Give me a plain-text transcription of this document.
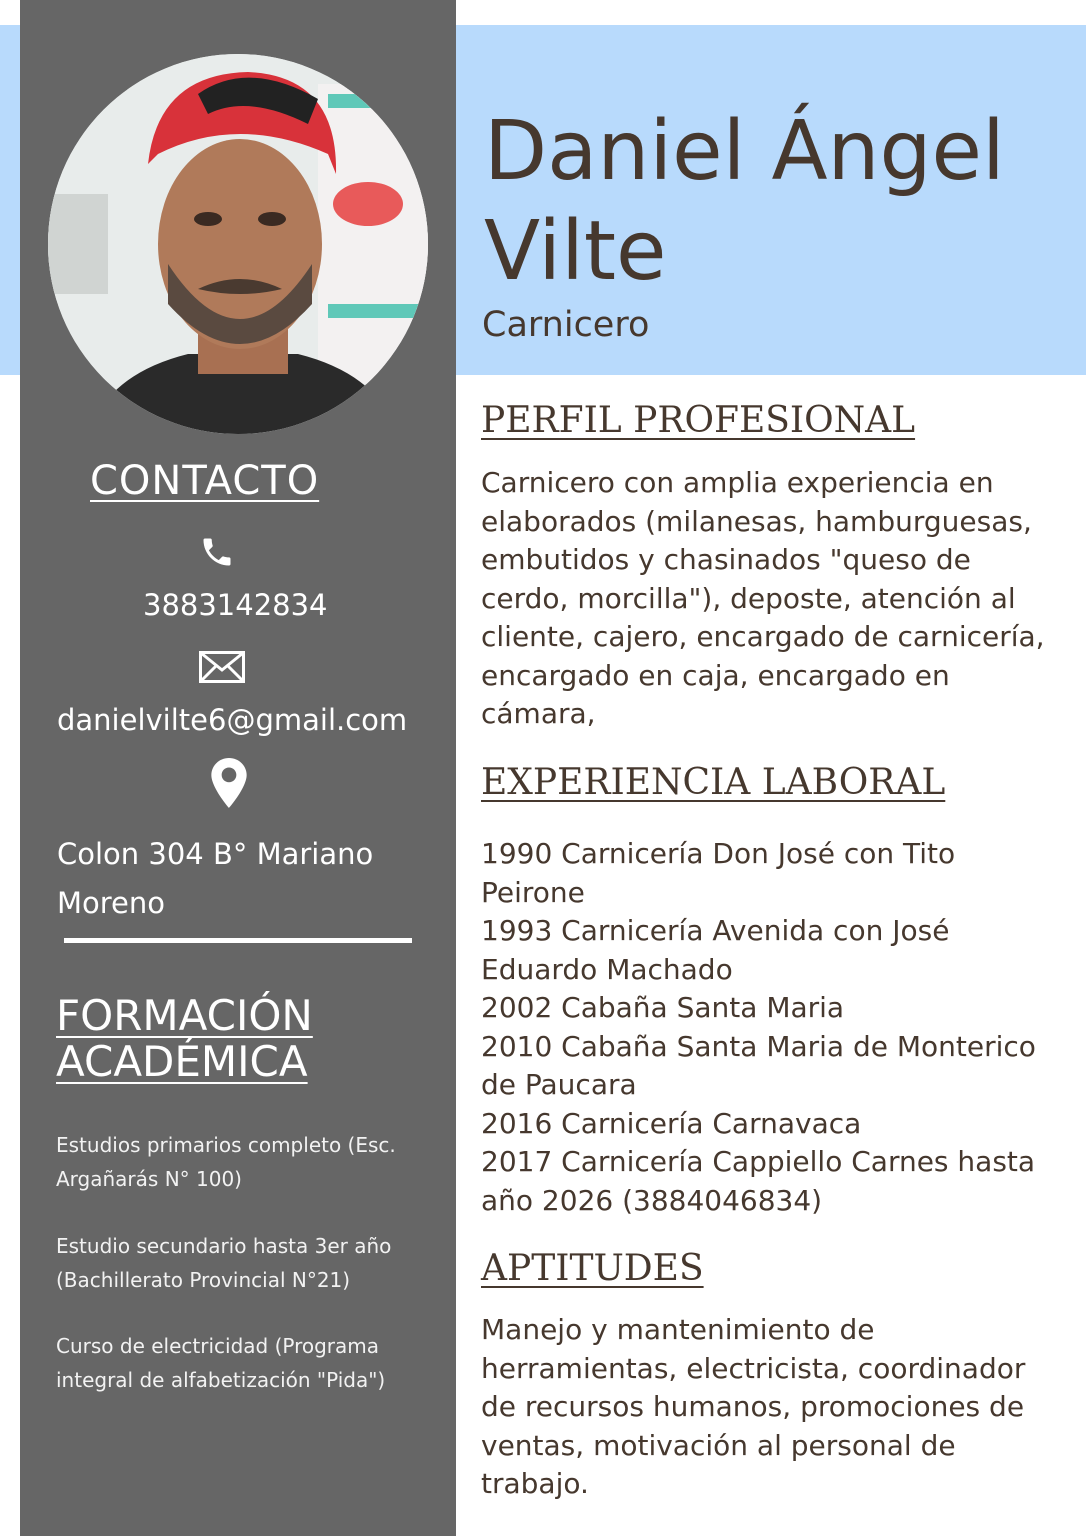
CONTACTO
3883142834
danielvilte6@gmail.com
Colon 304 B° Mariano Moreno
FORMACIÓN ACADÉMICA
Estudios primarios completo (Esc. Argañarás N° 100)
Estudio secundario hasta 3er año (Bachillerato Provincial N°21)
Curso de electricidad (Programa integral de alfabetización "Pida")
Daniel Ángel Vilte
Carnicero
PERFIL PROFESIONAL

Carnicero con amplia experiencia en elaborados (milanesas, hamburguesas, embutidos y chasinados "queso de cerdo, morcilla"), deposte, atención al cliente, cajero, encargado de carnicería, encargado en caja, encargado en cámara,

EXPERIENCIA LABORAL
1990 Carnicería Don José con Tito Peirone
1993 Carnicería Avenida con José Eduardo Machado
2002 Cabaña Santa Maria
2010 Cabaña Santa Maria de Monterico de Paucara
2016 Carnicería Carnavaca
2017 Carnicería Cappiello Carnes hasta año 2026 (3884046834)
APTITUDES

Manejo y mantenimiento de herramientas, electricista, coordinador de recursos humanos, promociones de ventas, motivación al personal de trabajo.
